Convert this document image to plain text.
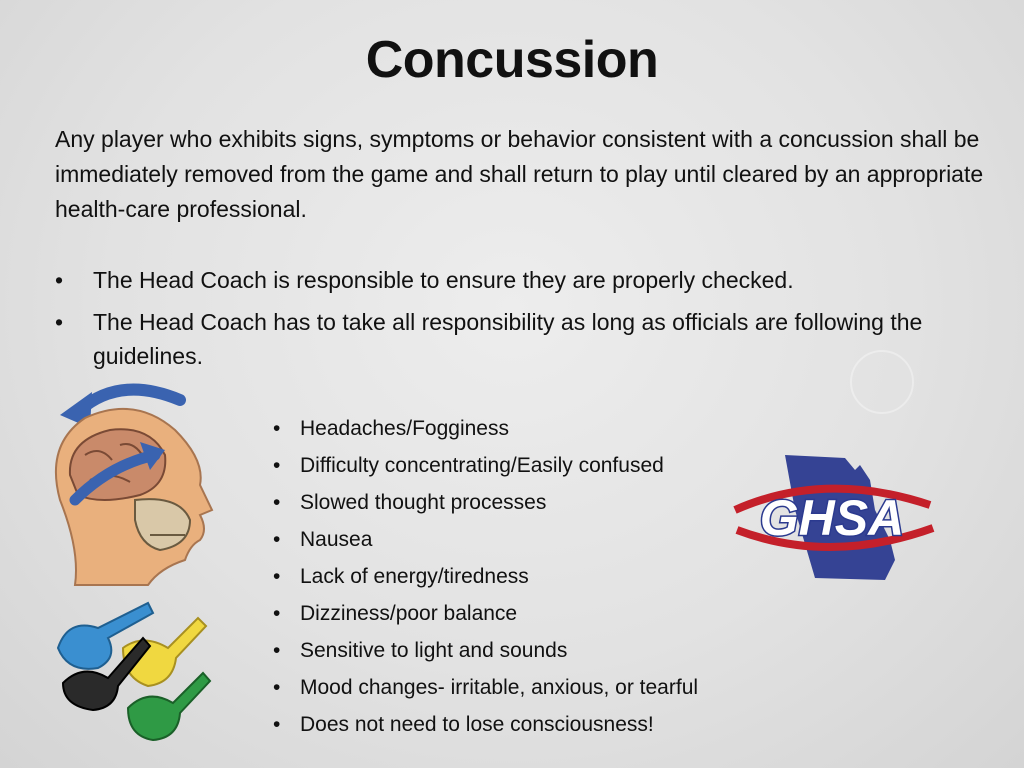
Concussion
Any player who exhibits signs, symptoms or behavior consistent with a concussion shall be immediately removed from the game and shall return to play until cleared by an appropriate health-care professional.
• The Head Coach is responsible to ensure they are properly checked.
• The Head Coach has to take all responsibility as long as officials are following the guidelines.
• Headaches/Fogginess
• Difficulty concentrating/Easily confused
• Slowed thought processes
• Nausea
• Lack of energy/tiredness
• Dizziness/poor balance
• Sensitive to light and sounds
• Mood changes- irritable, anxious, or tearful
• Does not need to lose consciousness!
GHSA
